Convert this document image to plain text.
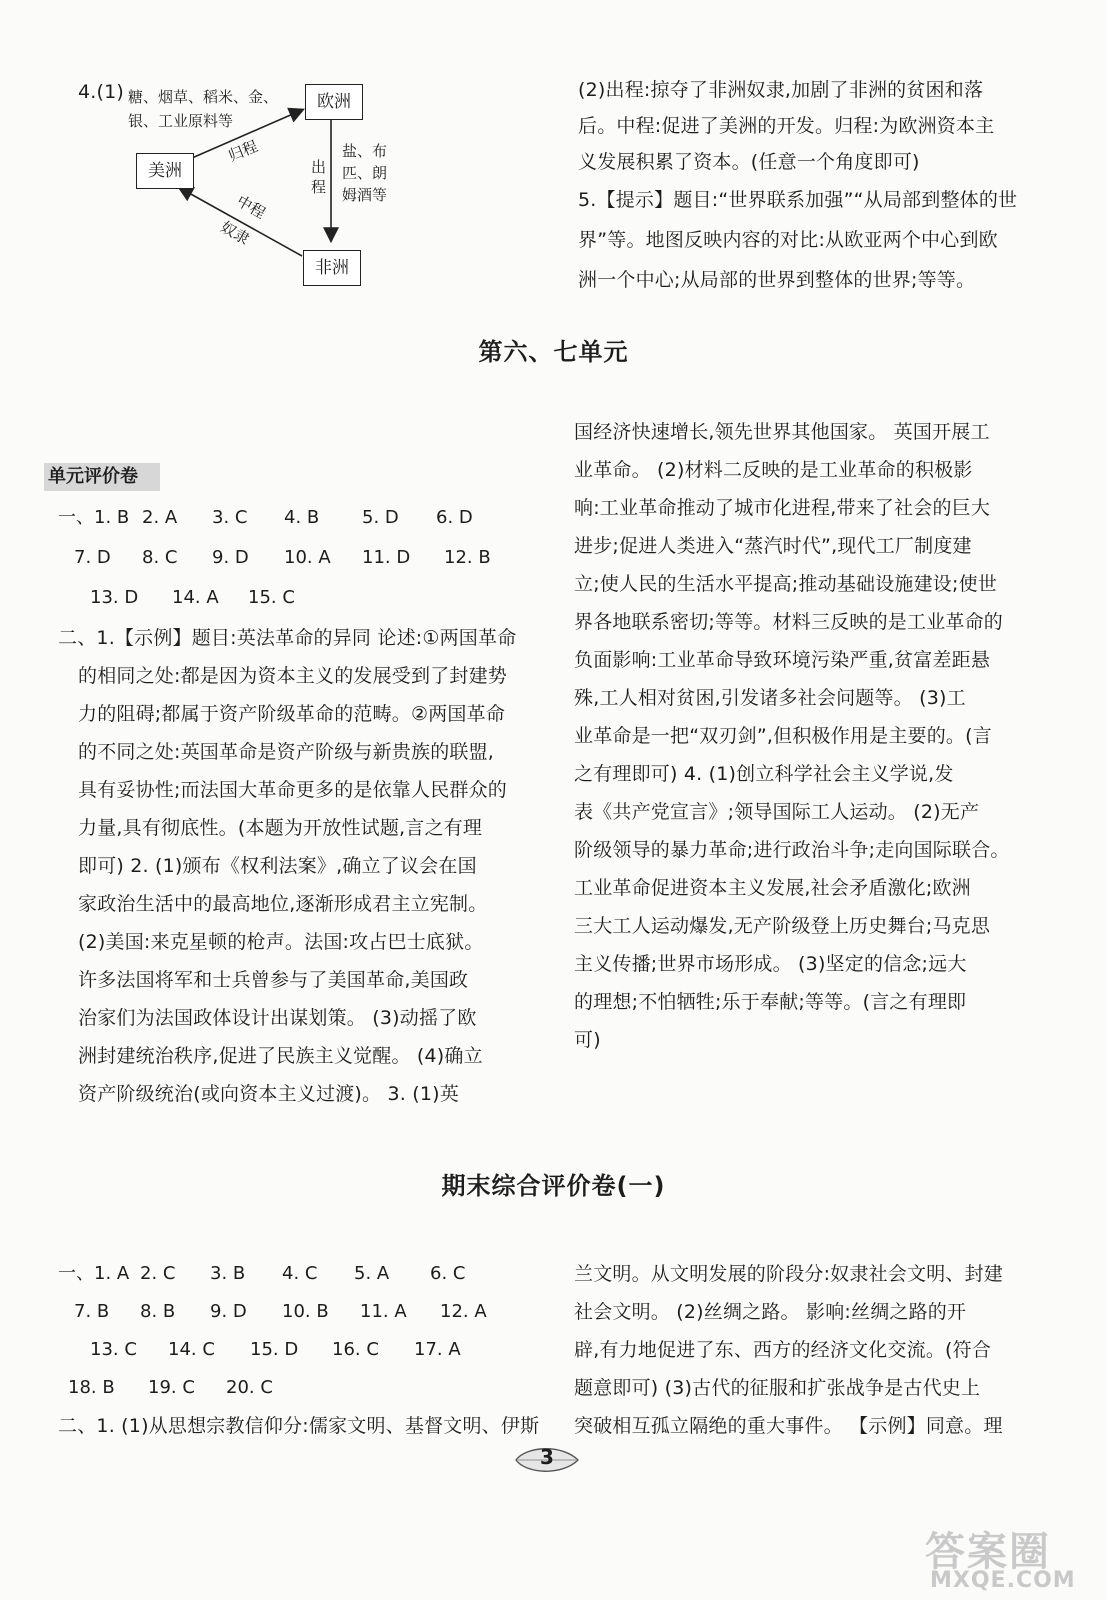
4.(1) 糖、烟草、稻米、金、
银、工业原料等
欧洲
美洲
非洲
归程
出
程
盐、布
匹、朗
姆酒等
中程
奴隶
(2)出程:掠夺了非洲奴隶,加剧了非洲的贫困和落
后。中程:促进了美洲的开发。归程:为欧洲资本主
义发展积累了资本。(任意一个角度即可)
5.【提示】题目:“世界联系加强”“从局部到整体的世
界”等。地图反映内容的对比:从欧亚两个中心到欧
洲一个中心;从局部的世界到整体的世界;等等。
第六、七单元
单元评价卷
一、1. B 2. A 3. C 4. B 5. D 6. D
7. D 8. C 9. D 10. A 11. D 12. B
13. D 14. A 15. C
二、1.【示例】题目:英法革命的异同 论述:①两国革命
的相同之处:都是因为资本主义的发展受到了封建势
力的阻碍;都属于资产阶级革命的范畴。②两国革命
的不同之处:英国革命是资产阶级与新贵族的联盟,
具有妥协性;而法国大革命更多的是依靠人民群众的
力量,具有彻底性。(本题为开放性试题,言之有理
即可) 2. (1)颁布《权利法案》,确立了议会在国
家政治生活中的最高地位,逐渐形成君主立宪制。
(2)美国:来克星顿的枪声。法国:攻占巴士底狱。
许多法国将军和士兵曾参与了美国革命,美国政
治家们为法国政体设计出谋划策。 (3)动摇了欧
洲封建统治秩序,促进了民族主义觉醒。 (4)确立
资产阶级统治(或向资本主义过渡)。 3. (1)英
国经济快速增长,领先世界其他国家。 英国开展工
业革命。 (2)材料二反映的是工业革命的积极影
响:工业革命推动了城市化进程,带来了社会的巨大
进步;促进人类进入“蒸汽时代”,现代工厂制度建
立;使人民的生活水平提高;推动基础设施建设;使世
界各地联系密切;等等。材料三反映的是工业革命的
负面影响:工业革命导致环境污染严重,贫富差距悬
殊,工人相对贫困,引发诸多社会问题等。 (3)工
业革命是一把“双刃剑”,但积极作用是主要的。(言
之有理即可) 4. (1)创立科学社会主义学说,发
表《共产党宣言》;领导国际工人运动。 (2)无产
阶级领导的暴力革命;进行政治斗争;走向国际联合。
工业革命促进资本主义发展,社会矛盾激化;欧洲
三大工人运动爆发,无产阶级登上历史舞台;马克思
主义传播;世界市场形成。 (3)坚定的信念;远大
的理想;不怕牺牲;乐于奉献;等等。(言之有理即
可)
期末综合评价卷(一)
一、1. A 2. C 3. B 4. C 5. A 6. C
7. B 8. B 9. D 10. B 11. A 12. A
13. C 14. C 15. D 16. C 17. A
18. B 19. C 20. C
二、1. (1)从思想宗教信仰分:儒家文明、基督文明、伊斯
兰文明。从文明发展的阶段分:奴隶社会文明、封建
社会文明。 (2)丝绸之路。 影响:丝绸之路的开
辟,有力地促进了东、西方的经济文化交流。(符合
题意即可) (3)古代的征服和扩张战争是古代史上
突破相互孤立隔绝的重大事件。 【示例】同意。理
3
答案圈
MXQE.COM
